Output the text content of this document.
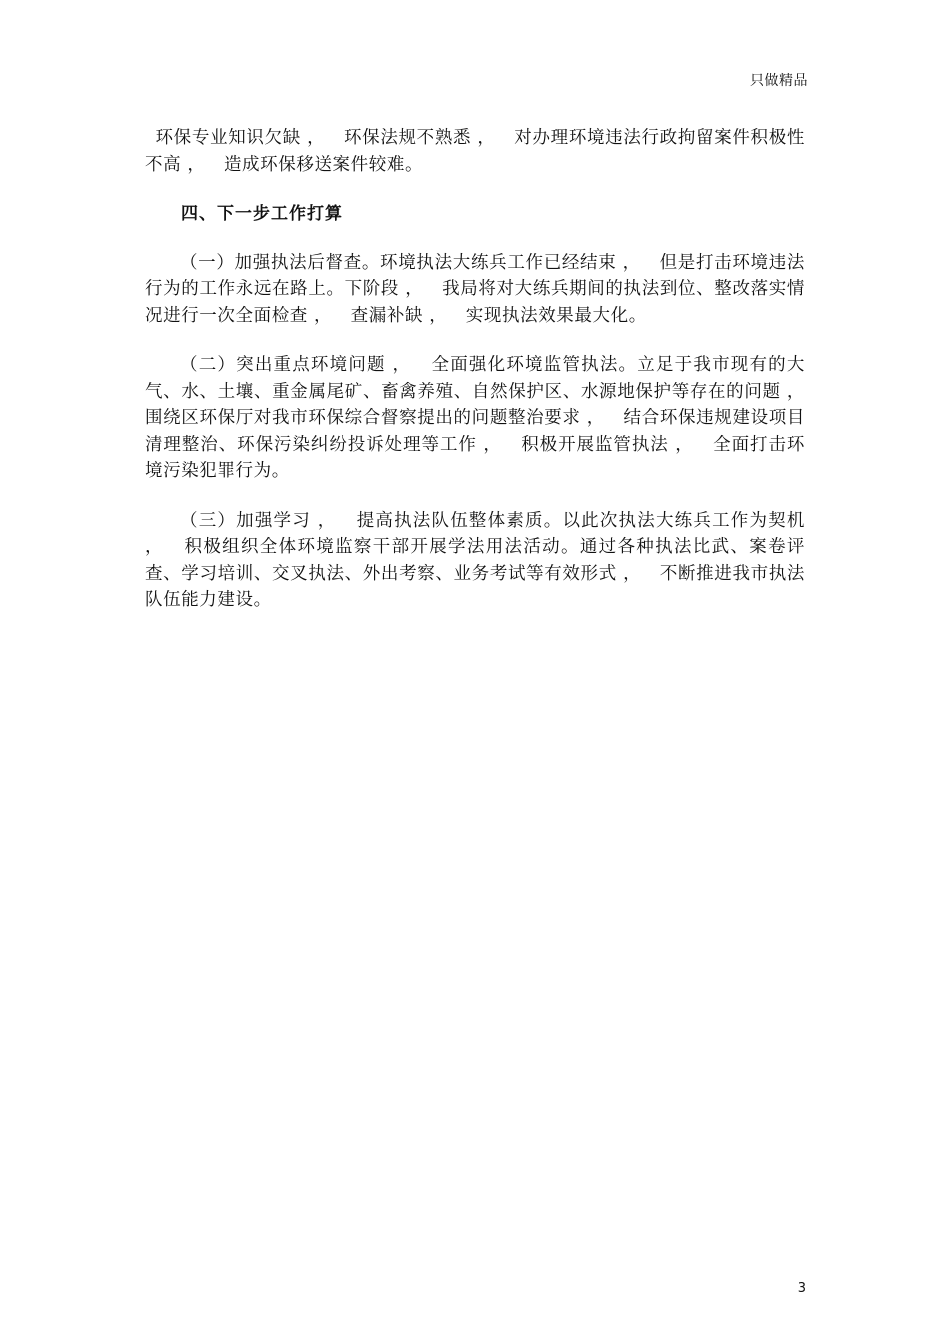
只做精品

环保专业知识欠缺 ，   环保法规不熟悉 ，   对办理环境违法行政拘留案件积极性不高 ，   造成环保移送案件较难。

四、下一步工作打算

（一）加强执法后督查。环境执法大练兵工作已经结束 ，   但是打击环境违法行为的工作永远在路上。下阶段 ，   我局将对大练兵期间的执法到位、整改落实情况进行一次全面检查 ，   查漏补缺 ，   实现执法效果最大化。

（二）突出重点环境问题 ，   全面强化环境监管执法。立足于我市现有的大气、水、土壤、重金属尾矿、畜禽养殖、自然保护区、水源地保护等存在的问题 ，   围绕区环保厅对我市环保综合督察提出的问题整治要求 ，   结合环保违规建设项目清理整治、环保污染纠纷投诉处理等工作 ，   积极开展监管执法 ，   全面打击环境污染犯罪行为。

（三）加强学习 ，   提高执法队伍整体素质。以此次执法大练兵工作为契机 ，   积极组织全体环境监察干部开展学法用法活动。通过各种执法比武、案卷评查、学习培训、交叉执法、外出考察、业务考试等有效形式 ，   不断推进我市执法队伍能力建设。

3
